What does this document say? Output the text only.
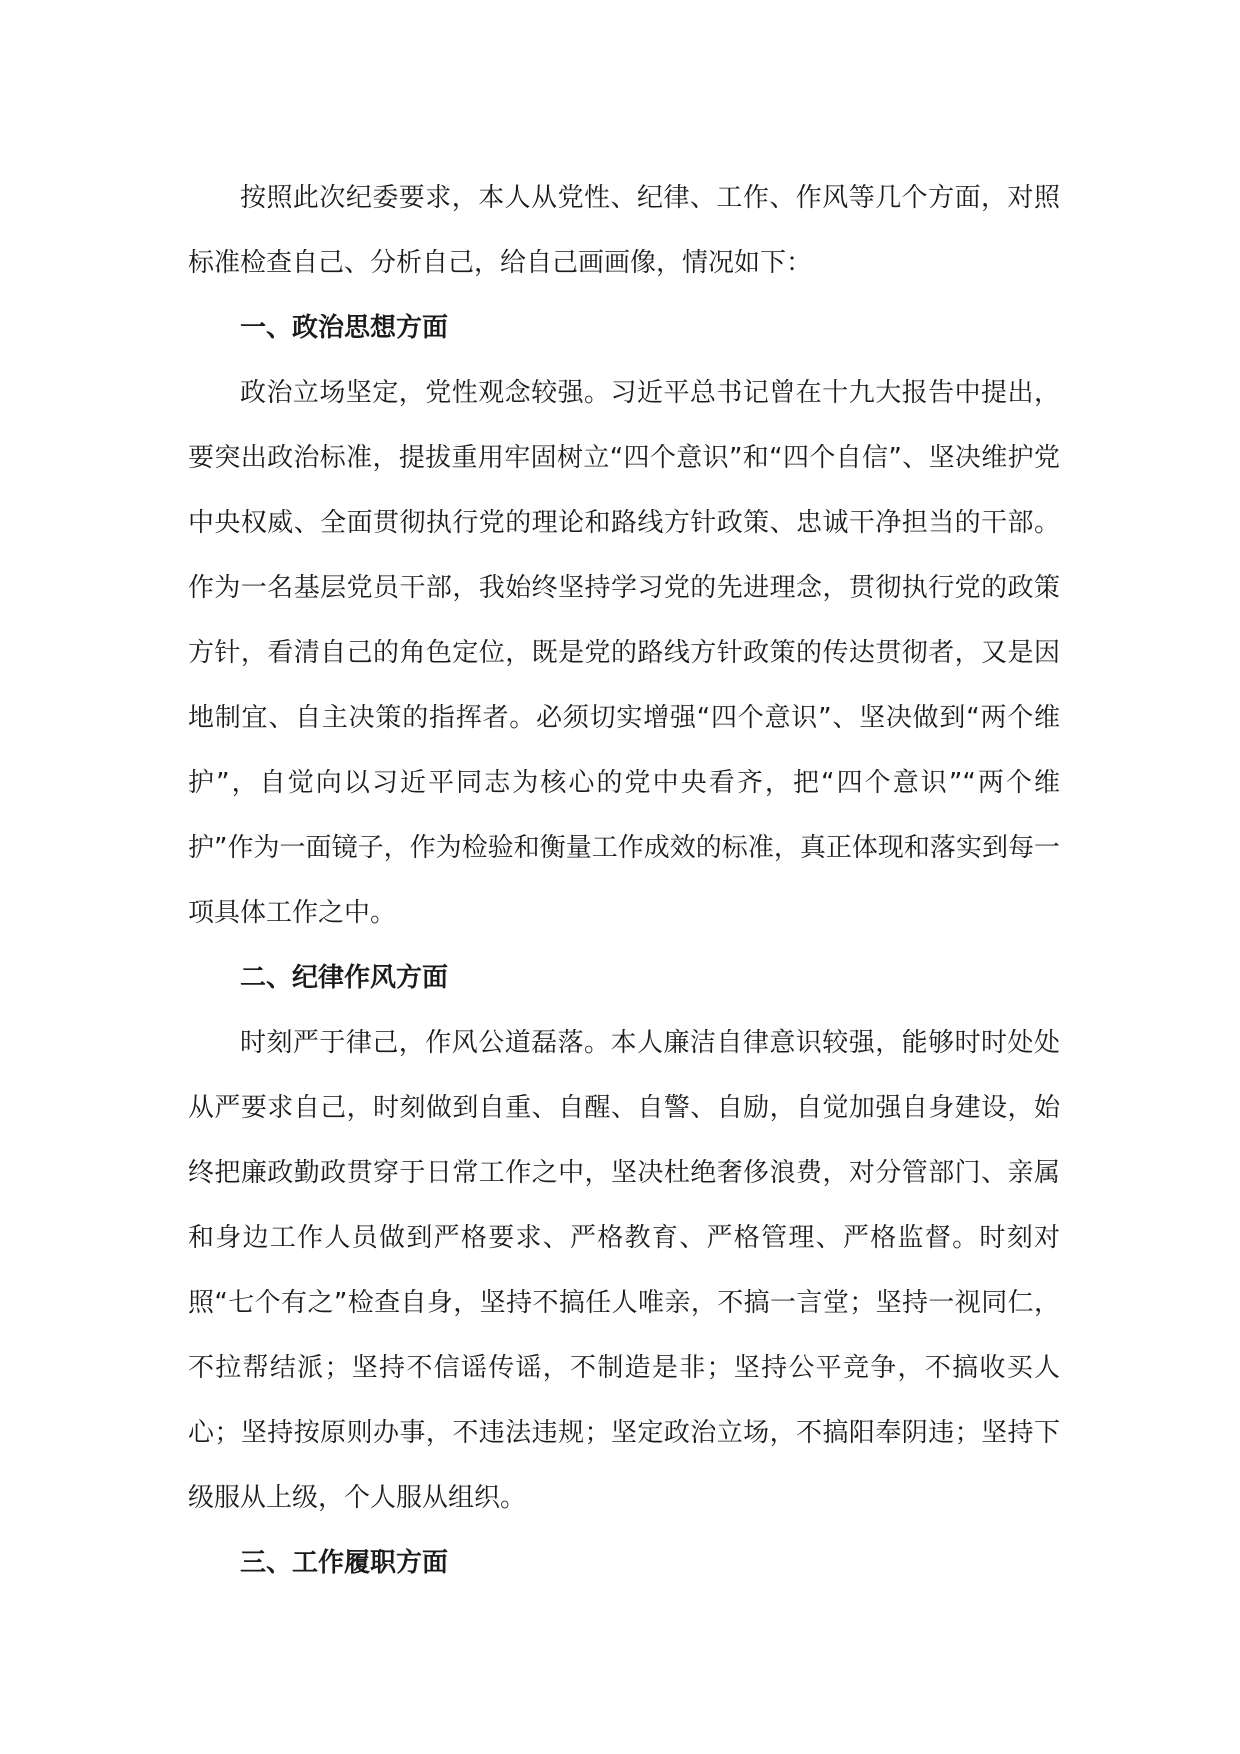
按照此次纪委要求，本人从党性、纪律、工作、作风等几个方面，对照标准检查自己、分析自己，给自己画画像，情况如下：

一、政治思想方面

政治立场坚定，党性观念较强。习近平总书记曾在十九大报告中提出，要突出政治标准，提拔重用牢固树立“四个意识”和“四个自信”、坚决维护党中央权威、全面贯彻执行党的理论和路线方针政策、忠诚干净担当的干部。作为一名基层党员干部，我始终坚持学习党的先进理念，贯彻执行党的政策方针，看清自己的角色定位，既是党的路线方针政策的传达贯彻者，又是因地制宜、自主决策的指挥者。必须切实增强“四个意识”、坚决做到“两个维护”，自觉向以习近平同志为核心的党中央看齐，把“四个意识”“两个维护”作为一面镜子，作为检验和衡量工作成效的标准，真正体现和落实到每一项具体工作之中。

二、纪律作风方面

时刻严于律己，作风公道磊落。本人廉洁自律意识较强，能够时时处处从严要求自己，时刻做到自重、自醒、自警、自励，自觉加强自身建设，始终把廉政勤政贯穿于日常工作之中，坚决杜绝奢侈浪费，对分管部门、亲属和身边工作人员做到严格要求、严格教育、严格管理、严格监督。时刻对照“七个有之”检查自身，坚持不搞任人唯亲，不搞一言堂；坚持一视同仁，不拉帮结派；坚持不信谣传谣，不制造是非；坚持公平竞争，不搞收买人心；坚持按原则办事，不违法违规；坚定政治立场，不搞阳奉阴违；坚持下级服从上级，个人服从组织。

三、工作履职方面
